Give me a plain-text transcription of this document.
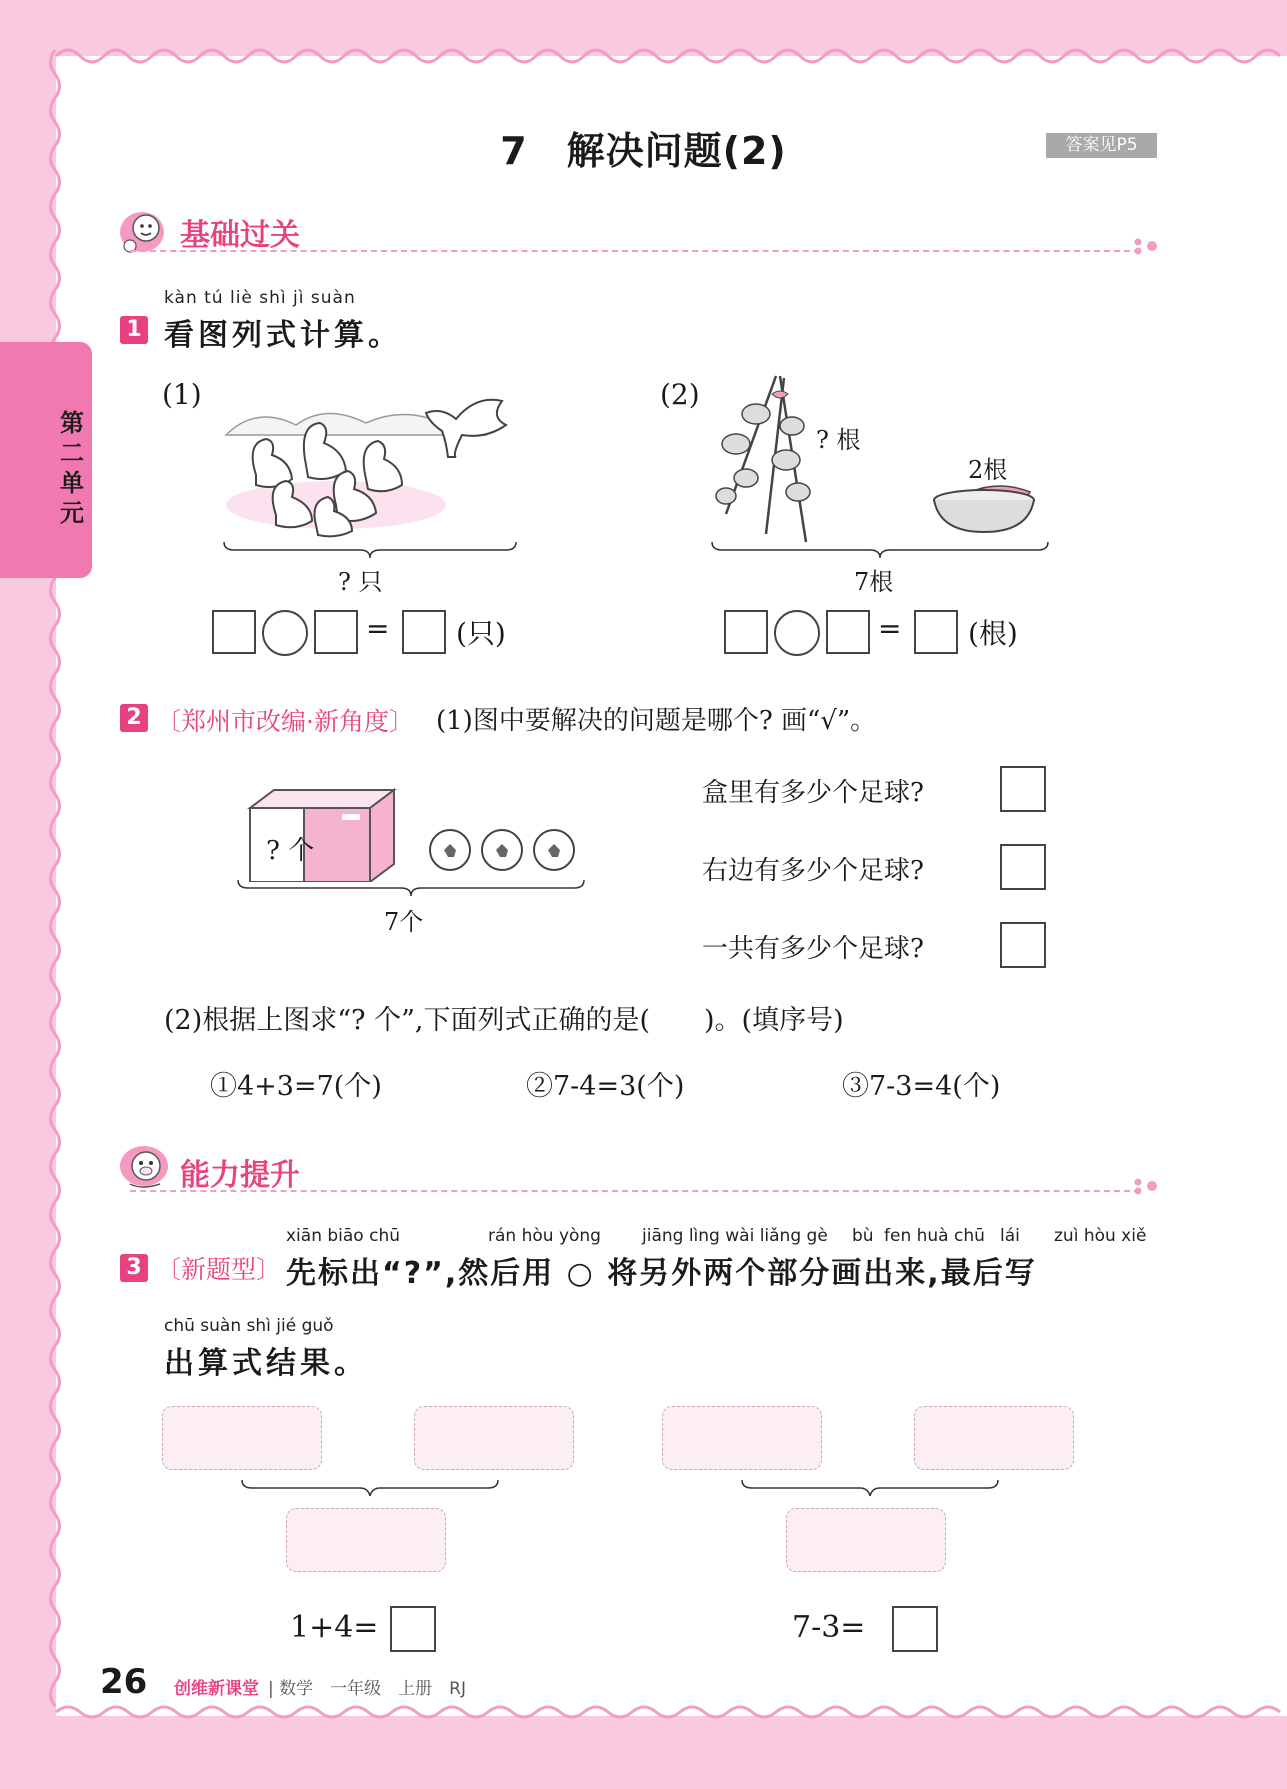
第二单元
7　解决问题(2)	答案见P5
基础过关
kàn tú liè shì jì suàn
1 看图列式计算。
(1)
? 只
= (只)
(2)
? 根
2根
7根
= (根)
2 〔郑州市改编·新角度〕 (1)图中要解决的问题是哪个? 画“√”。
? 个
7个
盒里有多少个足球?
右边有多少个足球?
一共有多少个足球?
(2)根据上图求“? 个”,下面列式正确的是(　　)。(填序号)
①4+3=7(个)	②7-4=3(个)	③7-3=4(个)
能力提升
xiān biāo chū	rán hòu yòng jiāng lìng wài liǎng gè bù fen huà chū lái zuì hòu xiě
3 〔新题型〕 先标出“?”,然后用 ○ 将另外两个部分画出来,最后写
chū suàn shì jié guǒ
出算式结果。
1+4=	7-3=
26 创维新课堂 | 数学　一年级　上册　RJ
